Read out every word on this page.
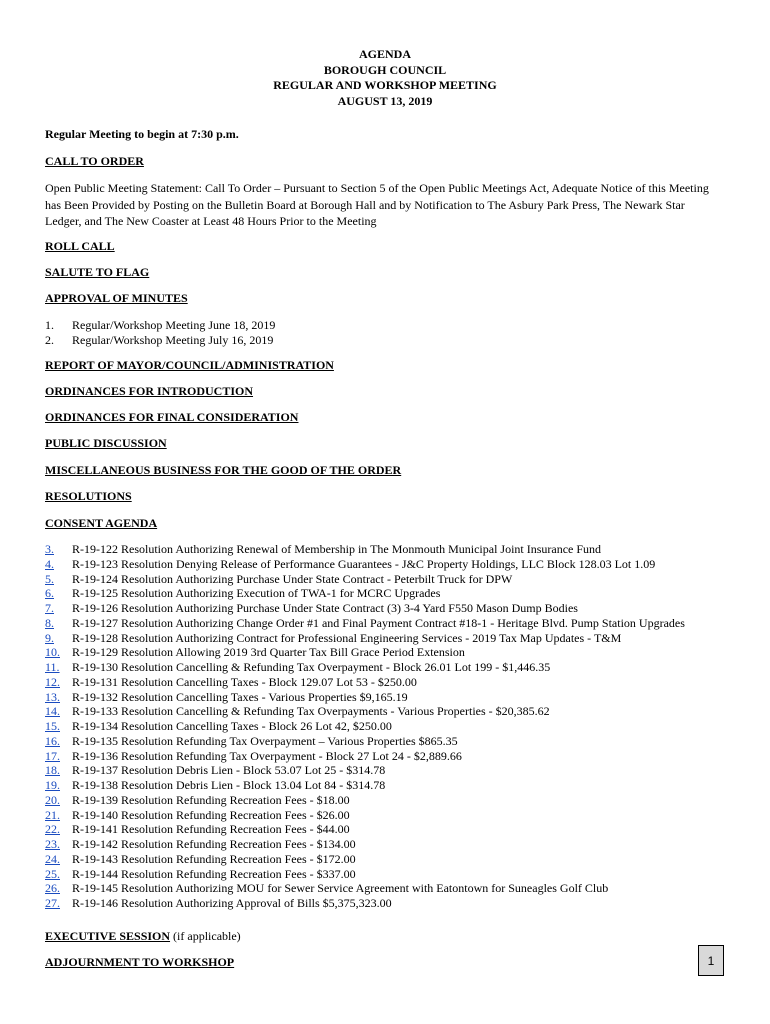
AGENDA
BOROUGH COUNCIL
REGULAR AND WORKSHOP MEETING
AUGUST 13, 2019
Regular Meeting to begin at 7:30 p.m.
CALL TO ORDER
Open Public Meeting Statement: Call To Order – Pursuant to Section 5 of the Open Public Meetings Act, Adequate Notice of this Meeting has Been Provided by Posting on the Bulletin Board at Borough Hall and by Notification to The Asbury Park Press, The Newark Star Ledger, and The New Coaster at Least 48 Hours Prior to the Meeting
ROLL CALL
SALUTE TO FLAG
APPROVAL OF MINUTES
1.	Regular/Workshop Meeting June 18, 2019
2.	Regular/Workshop Meeting July 16, 2019
REPORT OF MAYOR/COUNCIL/ADMINISTRATION
ORDINANCES FOR INTRODUCTION
ORDINANCES FOR FINAL CONSIDERATION
PUBLIC DISCUSSION
MISCELLANEOUS BUSINESS FOR THE GOOD OF THE ORDER
RESOLUTIONS
CONSENT AGENDA
3.	R-19-122 Resolution Authorizing Renewal of Membership in The Monmouth Municipal Joint Insurance Fund
4.	R-19-123 Resolution Denying Release of Performance Guarantees - J&C Property Holdings, LLC Block 128.03 Lot 1.09
5.	R-19-124 Resolution Authorizing Purchase Under State Contract - Peterbilt Truck for DPW
6.	R-19-125 Resolution Authorizing Execution of TWA-1 for MCRC Upgrades
7.	R-19-126 Resolution Authorizing Purchase Under State Contract (3) 3-4 Yard F550 Mason Dump Bodies
8.	R-19-127 Resolution Authorizing Change Order #1 and Final Payment Contract #18-1 - Heritage Blvd. Pump Station Upgrades
9.	R-19-128 Resolution Authorizing Contract for Professional Engineering Services - 2019 Tax Map Updates - T&M
10.	R-19-129 Resolution Allowing 2019 3rd Quarter Tax Bill Grace Period Extension
11.	R-19-130 Resolution Cancelling & Refunding Tax Overpayment - Block 26.01 Lot 199 - $1,446.35
12.	R-19-131 Resolution Cancelling Taxes - Block 129.07 Lot 53 - $250.00
13.	R-19-132 Resolution Cancelling Taxes - Various Properties $9,165.19
14.	R-19-133 Resolution Cancelling & Refunding Tax Overpayments - Various Properties - $20,385.62
15.	R-19-134 Resolution Cancelling Taxes - Block 26 Lot 42, $250.00
16.	R-19-135 Resolution Refunding Tax Overpayment – Various Properties $865.35
17.	R-19-136 Resolution Refunding Tax Overpayment - Block 27 Lot 24 - $2,889.66
18.	R-19-137 Resolution Debris Lien - Block 53.07 Lot 25 - $314.78
19.	R-19-138 Resolution Debris Lien - Block 13.04 Lot 84 - $314.78
20.	R-19-139 Resolution Refunding Recreation Fees - $18.00
21.	R-19-140 Resolution Refunding Recreation Fees - $26.00
22.	R-19-141 Resolution Refunding Recreation Fees - $44.00
23.	R-19-142 Resolution Refunding Recreation Fees - $134.00
24.	R-19-143 Resolution Refunding Recreation Fees - $172.00
25.	R-19-144 Resolution Refunding Recreation Fees - $337.00
26.	R-19-145 Resolution Authorizing MOU for Sewer Service Agreement with Eatontown for Suneagles Golf Club
27.	R-19-146 Resolution Authorizing Approval of Bills $5,375,323.00
EXECUTIVE SESSION (if applicable)
ADJOURNMENT TO WORKSHOP	1
